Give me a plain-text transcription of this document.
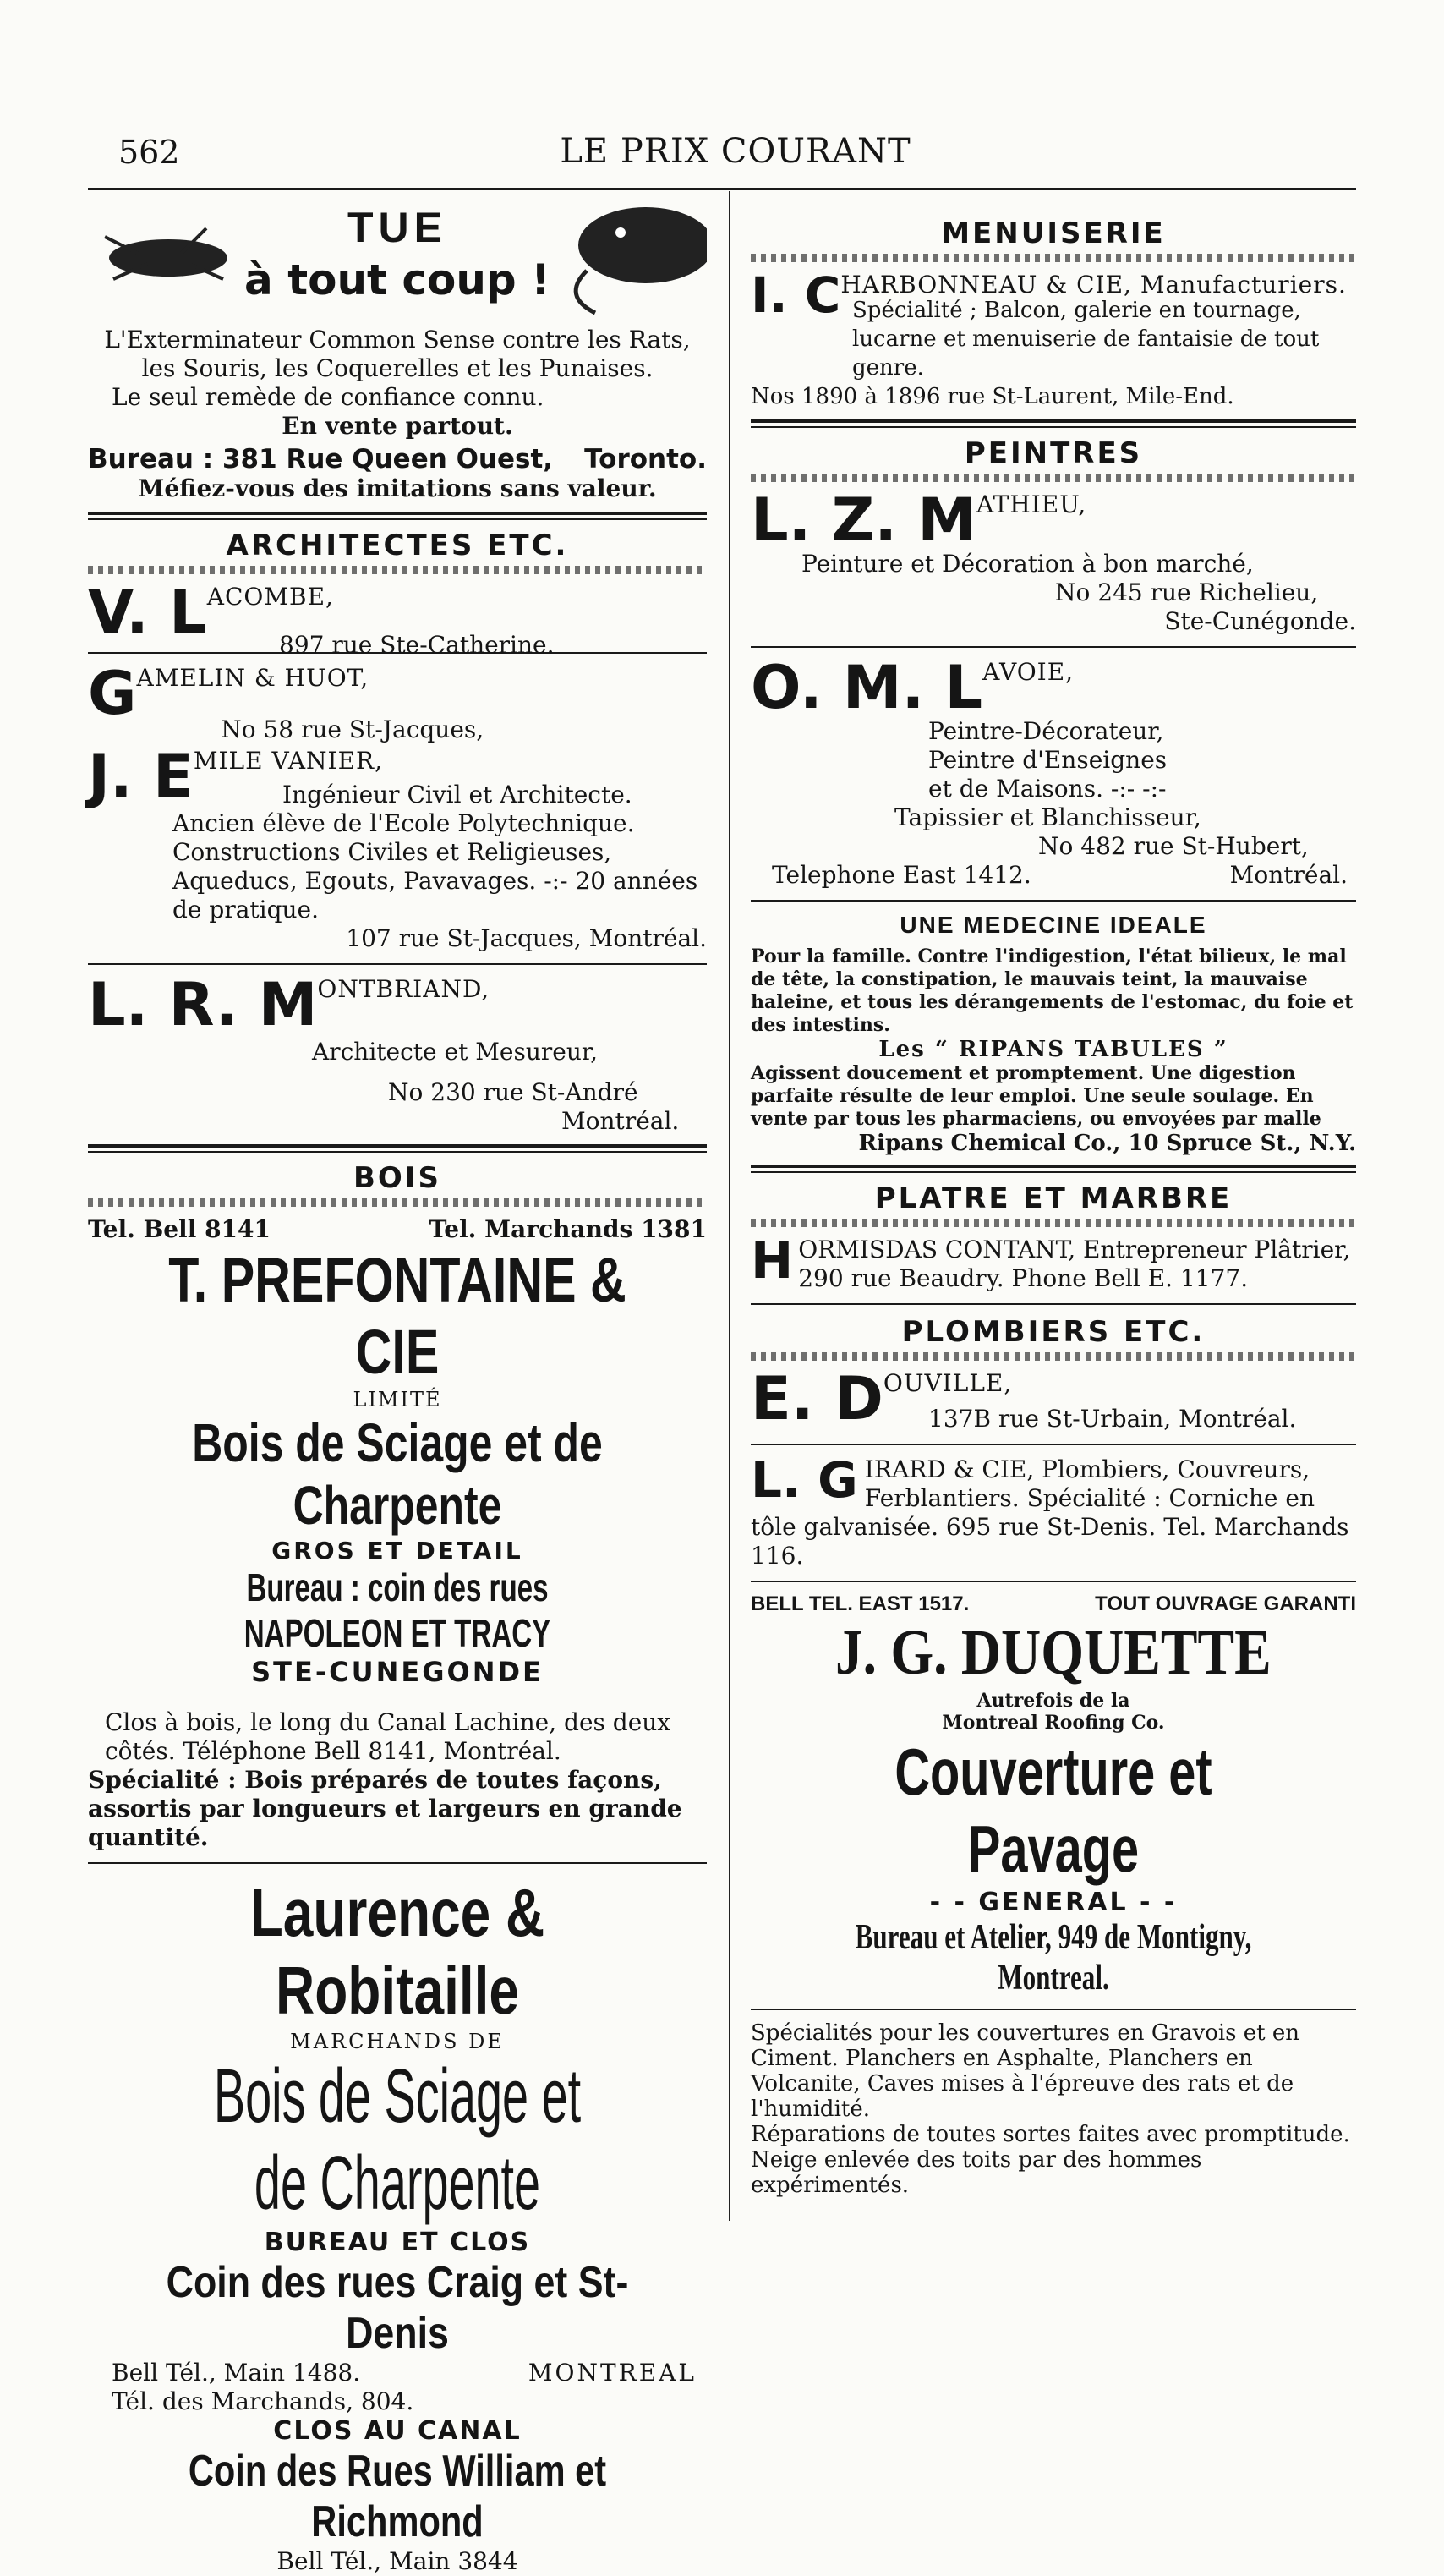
562	LE PRIX COURANT
TUE
à tout coup !
L'Exterminateur Common Sense contre les Rats, les Souris, les Coquerelles et les Punaises.
Le seul remède de confiance connu.
En vente partout.
Bureau : 381 Rue Queen Ouest, Toronto.
Méfiez-vous des imitations sans valeur.
ARCHITECTES ETC.
V. LACOMBE, 897 rue Ste-Catherine.
GAMELIN & HUOT, No 58 rue St-Jacques,
J. EMILE VANIER,
Ingénieur Civil et Architecte.
Ancien élève de l'Ecole Polytechnique. Constructions Civiles et Religieuses, Aqueducs, Egouts, Pavavages. -:- 20 années de pratique.
107 rue St-Jacques, Montréal.
L. R. MONTBRIAND,
Architecte et Mesureur,
No 230 rue St-André
Montréal.
BOIS
Tel. Bell 8141	Tel. Marchands 1381
T. PREFONTAINE & CIE
LIMITÉ
Bois de Sciage et de Charpente
GROS ET DETAIL
Bureau : coin des rues NAPOLEON ET TRACY
STE-CUNEGONDE
Clos à bois, le long du Canal Lachine, des deux côtés. Téléphone Bell 8141, Montréal.
Spécialité : Bois préparés de toutes façons, assortis par longueurs et largeurs en grande quantité.
Laurence & Robitaille
MARCHANDS DE
Bois de Sciage et de Charpente
BUREAU ET CLOS
Coin des rues Craig et St-Denis
Bell Tél., Main 1488.	MONTREAL
Tél. des Marchands, 804.
CLOS AU CANAL
Coin des Rues William et Richmond
Bell Tél., Main 3844
MENUISERIE
I. CHARBONNEAU & CIE, Manufacturiers.
Spécialité ; Balcon, galerie en tournage, lucarne et menuiserie de fantaisie de tout genre.
Nos 1890 à 1896 rue St-Laurent, Mile-End.
PEINTRES
L. Z. MATHIEU,
Peinture et Décoration à bon marché,
No 245 rue Richelieu,
Ste-Cunégonde.
O. M. LAVOIE,
Peintre-Décorateur,
Peintre d'Enseignes
et de Maisons. -:- -:-
Tapissier et Blanchisseur,
No 482 rue St-Hubert,
Telephone East 1412.	Montréal.
UNE MEDECINE IDEALE
Pour la famille. Contre l'indigestion, l'état bilieux, le mal de tête, la constipation, le mauvais teint, la mauvaise haleine, et tous les dérangements de l'estomac, du foie et des intestins.
Les “ RIPANS TABULES ”
Agissent doucement et promptement. Une digestion parfaite résulte de leur emploi. Une seule soulage. En vente par tous les pharmaciens, ou envoyées par malle
Ripans Chemical Co., 10 Spruce St., N.Y.
PLATRE ET MARBRE
H ORMISDAS CONTANT, Entrepreneur Plâtrier, 290 rue Beaudry. Phone Bell E. 1177.
PLOMBIERS ETC.
E. DOUVILLE,
137B rue St-Urbain, Montréal.
L. G IRARD & CIE, Plombiers, Couvreurs, Ferblantiers. Spécialité : Corniche en tôle galvanisée. 695 rue St-Denis. Tel. Marchands 116.
BELL TEL. EAST 1517.	TOUT OUVRAGE GARANTI
J. G. DUQUETTE
Autrefois de la
Montreal Roofing Co.
Couverture et Pavage
- - GENERAL - -
Bureau et Atelier, 949 de Montigny, Montreal.
Spécialités pour les couvertures en Gravois et en Ciment. Planchers en Asphalte, Planchers en Volcanite, Caves mises à l'épreuve des rats et de l'humidité.
Réparations de toutes sortes faites avec promptitude.
Neige enlevée des toits par des hommes expérimentés.
